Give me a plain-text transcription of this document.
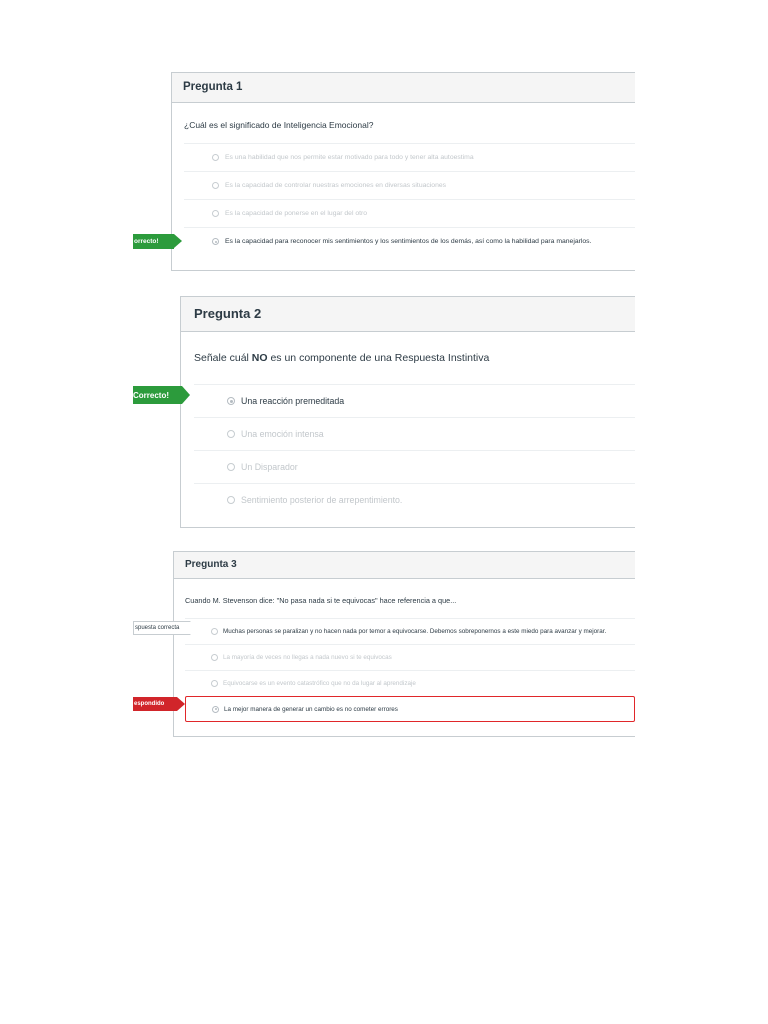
Pregunta 1
¿Cuál es el significado de Inteligencia Emocional?
Es una habilidad que nos permite estar motivado para todo y tener alta autoestima
Es la capacidad de controlar nuestras emociones en diversas situaciones
Es la capacidad de ponerse en el lugar del otro
Es la capacidad para reconocer mis sentimientos y los sentimientos de los demás, así como la habilidad para manejarlos.
orrecto!
Pregunta 2
Señale cuál NO es un componente de una Respuesta Instintiva
Una reacción premeditada
Una emoción intensa
Un Disparador
Sentimiento posterior de arrepentimiento.
Correcto!
Pregunta 3
Cuando M. Stevenson dice: "No pasa nada si te equivocas" hace referencia a que...
Muchas personas se paralizan y no hacen nada por temor a equivocarse. Debemos sobreponernos a este miedo para avanzar y mejorar.
La mayoría de veces no llegas a nada nuevo si te equivocas
Equivocarse es un evento catastrófico que no da lugar al aprendizaje
La mejor manera de generar un cambio es no cometer errores
spuesta correcta
espondido
